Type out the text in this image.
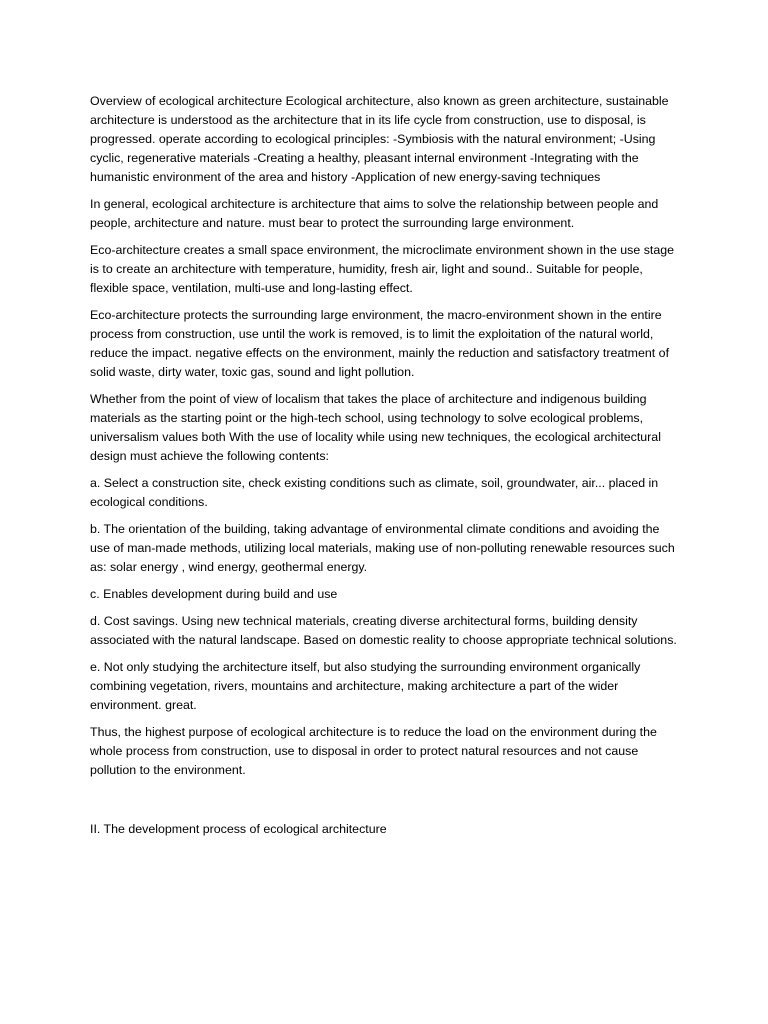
Overview of ecological architecture Ecological architecture, also known as green architecture, sustainable architecture is understood as the architecture that in its life cycle from construction, use to disposal, is progressed. operate according to ecological principles: -Symbiosis with the natural environment; -Using cyclic, regenerative materials -Creating a healthy, pleasant internal environment -Integrating with the humanistic environment of the area and history -Application of new energy-saving techniques

In general, ecological architecture is architecture that aims to solve the relationship between people and people, architecture and nature. must bear to protect the surrounding large environment.

Eco-architecture creates a small space environment, the microclimate environment shown in the use stage is to create an architecture with temperature, humidity, fresh air, light and sound.. Suitable for people, flexible space, ventilation, multi-use and long-lasting effect.

Eco-architecture protects the surrounding large environment, the macro-environment shown in the entire process from construction, use until the work is removed, is to limit the exploitation of the natural world, reduce the impact. negative effects on the environment, mainly the reduction and satisfactory treatment of solid waste, dirty water, toxic gas, sound and light pollution.

Whether from the point of view of localism that takes the place of architecture and indigenous building materials as the starting point or the high-tech school, using technology to solve ecological problems, universalism values both With the use of locality while using new techniques, the ecological architectural design must achieve the following contents:

a. Select a construction site, check existing conditions such as climate, soil, groundwater, air... placed in ecological conditions.

b. The orientation of the building, taking advantage of environmental climate conditions and avoiding the use of man-made methods, utilizing local materials, making use of non-polluting renewable resources such as: solar energy , wind energy, geothermal energy.

c. Enables development during build and use

d. Cost savings. Using new technical materials, creating diverse architectural forms, building density associated with the natural landscape. Based on domestic reality to choose appropriate technical solutions.

e. Not only studying the architecture itself, but also studying the surrounding environment organically combining vegetation, rivers, mountains and architecture, making architecture a part of the wider environment. great.

Thus, the highest purpose of ecological architecture is to reduce the load on the environment during the whole process from construction, use to disposal in order to protect natural resources and not cause pollution to the environment.

II. The development process of ecological architecture
